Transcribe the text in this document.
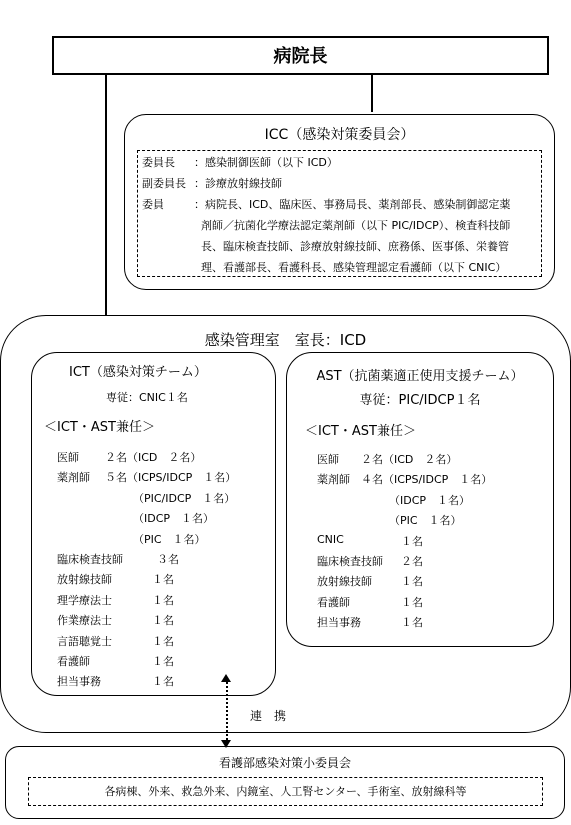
病院長
ICC（感染対策委員会）
委員長 ：感染制御医師（以下 ICD）
副委員長 ：診療放射線技師
委員	：病院長、ICD、臨床医、事務局長、薬剤部長、感染制御認定薬
剤師／抗菌化学療法認定薬剤師（以下 PIC/IDCP）、検査科技師
長、臨床検査技師、診療放射線技師、庶務係、医事係、栄養管
理、看護部長、看護科長、感染管理認定看護師（以下 CNIC）
感染管理室　室長：ICD
ICT（感染対策チーム）
専従：CNIC１名
＜ICT・AST兼任＞
医師 ２名（ICD　２名）
薬剤師 ５名（ICPS/IDCP　１名）
（PIC/IDCP　１名）
（IDCP　１名）
（PIC　１名）
臨床検査技師	３名
放射線技師	１名
理学療法士	１名
作業療法士	１名
言語聴覚士	１名
看護師	１名
担当事務	１名
AST（抗菌薬適正使用支援チーム）
専従：PIC/IDCP１名
＜ICT・AST兼任＞
医師 ２名（ICD　２名）
薬剤師 ４名（ICPS/IDCP　１名）
（IDCP　１名）
（PIC　１名）
CNIC	１名
臨床検査技師 ２名
放射線技師	１名
看護師	１名
担当事務	１名
連　携
看護部感染対策小委員会
各病棟、外来、救急外来、内鏡室、人工腎センター、手術室、放射線科等
